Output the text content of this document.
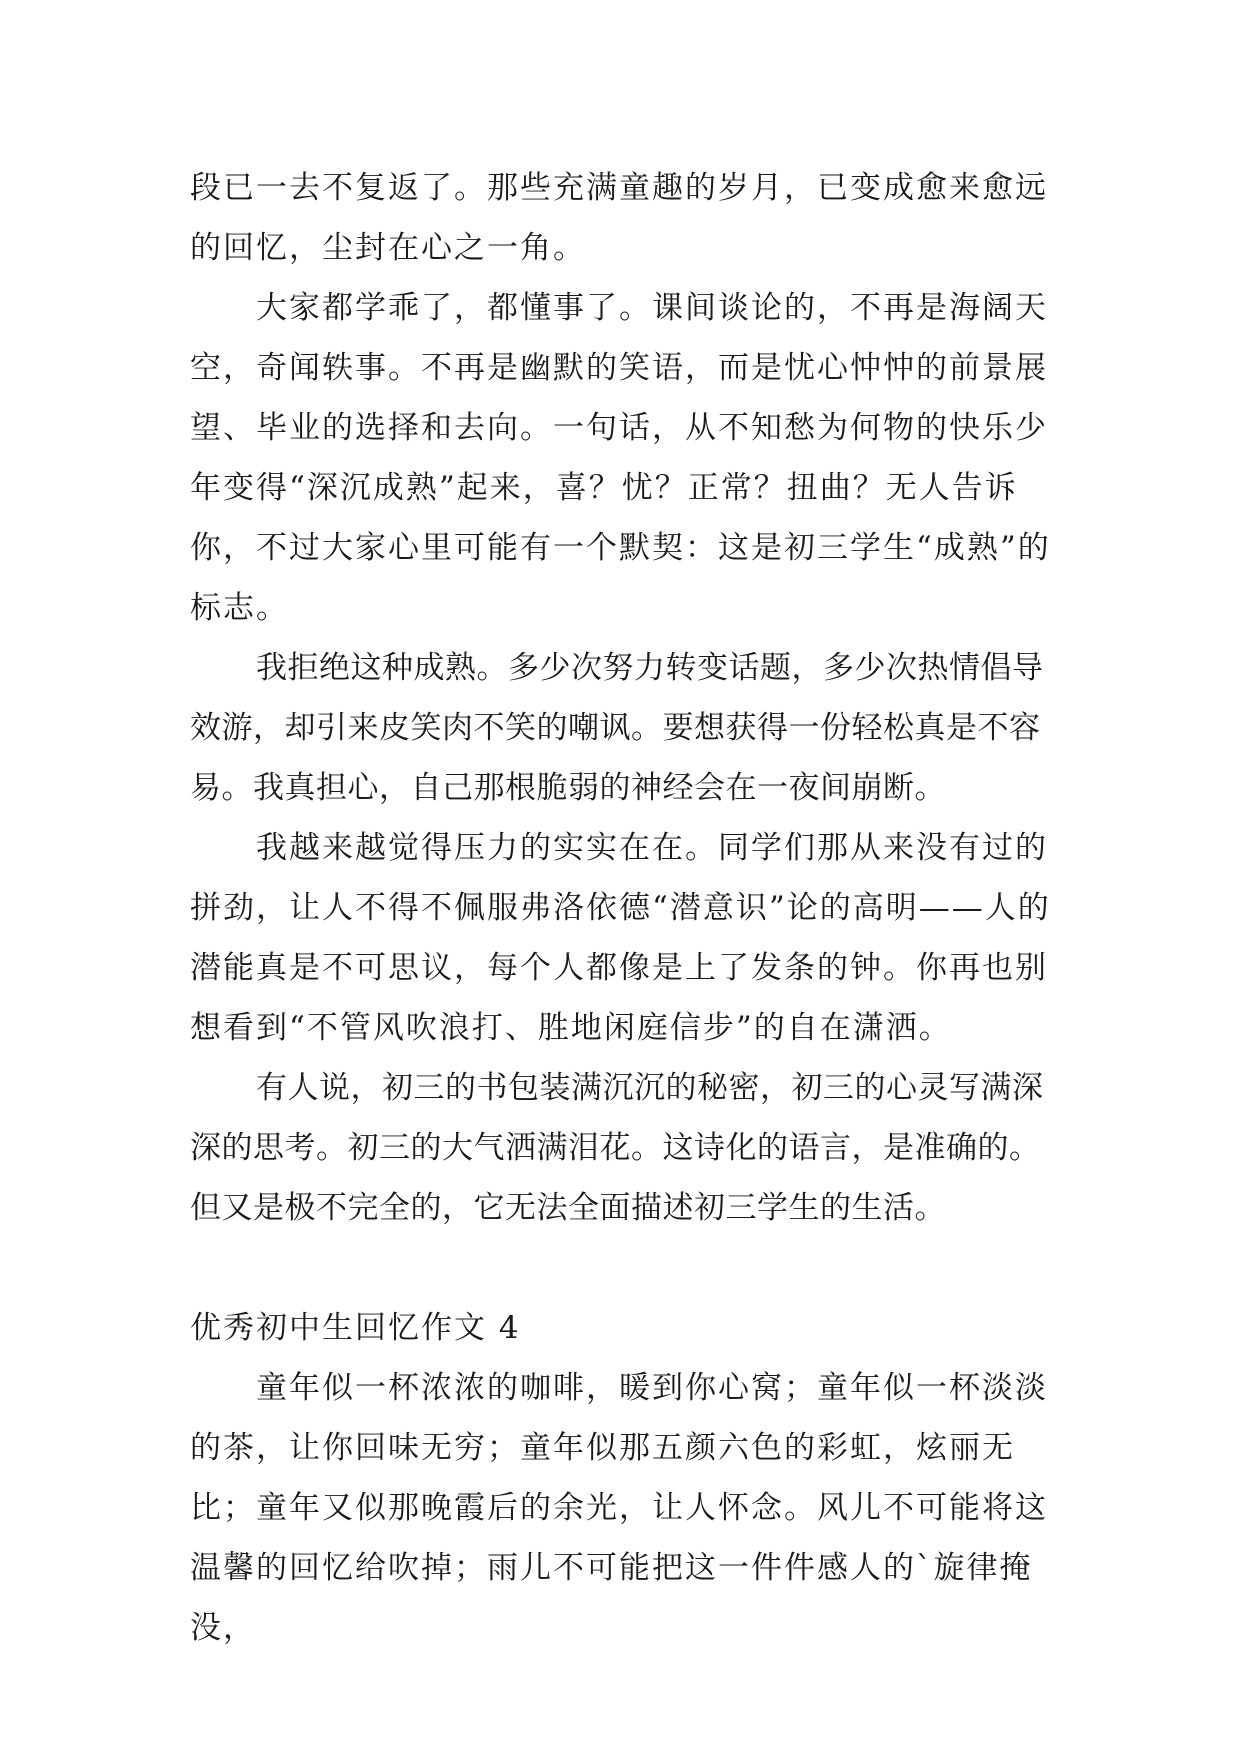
段已一去不复返了。那些充满童趣的岁月，已变成愈来愈远的回忆，尘封在心之一角。

大家都学乖了，都懂事了。课间谈论的，不再是海阔天空，奇闻轶事。不再是幽默的笑语，而是忧心忡忡的前景展望、毕业的选择和去向。一句话，从不知愁为何物的快乐少年变得“深沉成熟”起来，喜？忧？正常？扭曲？无人告诉你，不过大家心里可能有一个默契：这是初三学生“成熟”的标志。

我拒绝这种成熟。多少次努力转变话题，多少次热情倡导效游，却引来皮笑肉不笑的嘲讽。要想获得一份轻松真是不容易。我真担心，自己那根脆弱的神经会在一夜间崩断。

我越来越觉得压力的实实在在。同学们那从来没有过的拼劲，让人不得不佩服弗洛依德“潜意识”论的高明——人的潜能真是不可思议，每个人都像是上了发条的钟。你再也别想看到“不管风吹浪打、胜地闲庭信步”的自在潇洒。

有人说，初三的书包装满沉沉的秘密，初三的心灵写满深深的思考。初三的大气洒满泪花。这诗化的语言，是准确的。但又是极不完全的，它无法全面描述初三学生的生活。

优秀初中生回忆作文 4

童年似一杯浓浓的咖啡，暖到你心窝；童年似一杯淡淡的茶，让你回味无穷；童年似那五颜六色的彩虹，炫丽无比；童年又似那晚霞后的余光，让人怀念。风儿不可能将这温馨的回忆给吹掉；雨儿不可能把这一件件感人的`旋律掩没，
